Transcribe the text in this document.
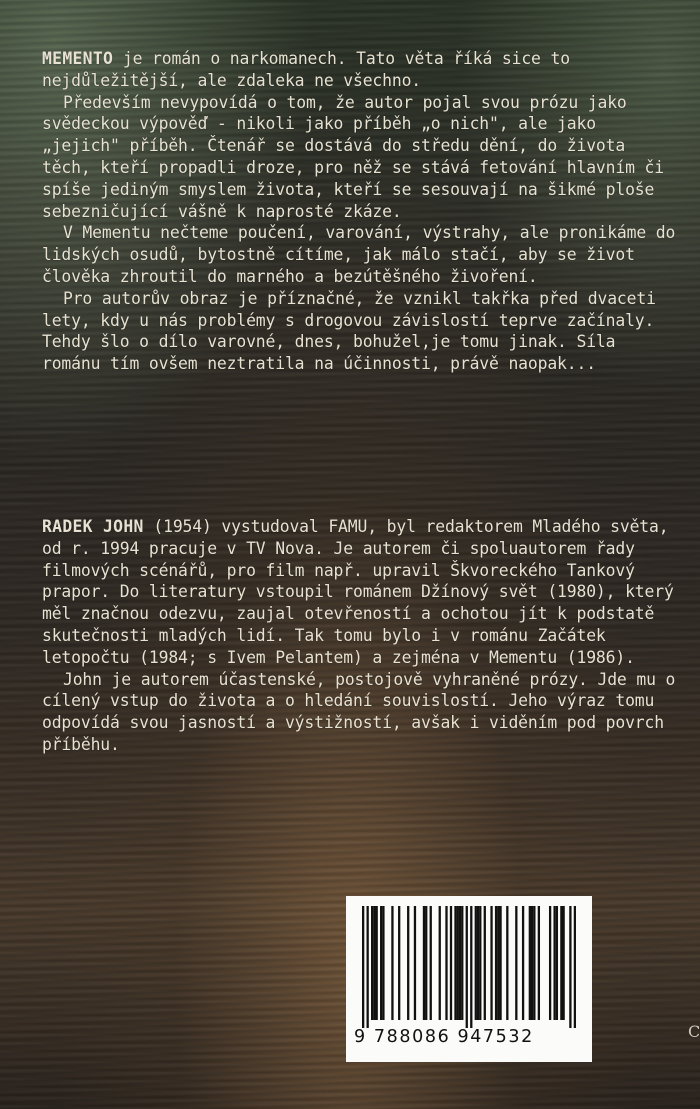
MEMENTO je román o narkomanech. Tato věta říká sice to nejdůležitější, ale zdaleka ne všechno.

Především nevypovídá o tom, že autor pojal svou prózu jako svědeckou výpověď - nikoli jako příběh „o nich", ale jako „jejich" příběh. Čtenář se dostává do středu dění, do života těch, kteří propadli droze, pro něž se stává fetování hlavním či spíše jediným smyslem života, kteří se sesouvají na šikmé ploše sebezničující vášně k naprosté zkáze.

V Mementu nečteme poučení, varování, výstrahy, ale pronikáme do lidských osudů, bytostně cítíme, jak málo stačí, aby se život člověka zhroutil do marného a bezútěšného živoření.

Pro autorův obraz je příznačné, že vznikl takřka před dvaceti lety, kdy u nás problémy s drogovou závislostí teprve začínaly. Tehdy šlo o dílo varovné, dnes, bohužel,je tomu jinak. Síla románu tím ovšem neztratila na účinnosti, právě naopak...

RADEK JOHN (1954) vystudoval FAMU, byl redaktorem Mladého světa, od r. 1994 pracuje v TV Nova. Je autorem či spoluautorem řady filmových scénářů, pro film např. upravil Škvoreckého Tankový prapor. Do literatury vstoupil románem Džínový svět (1980), který měl značnou odezvu, zaujal otevřeností a ochotou jít k podstatě skutečnosti mladých lidí. Tak tomu bylo i v románu Začátek letopočtu (1984; s Ivem Pelantem) a zejména v Mementu (1986).

John je autorem účastenské, postojově vyhraněné prózy. Jde mu o cílený vstup do života a o hledání souvislostí. Jeho výraz tomu odpovídá svou jasností a výstižností, avšak i viděním pod povrch příběhu.

9 788086 947532	C
